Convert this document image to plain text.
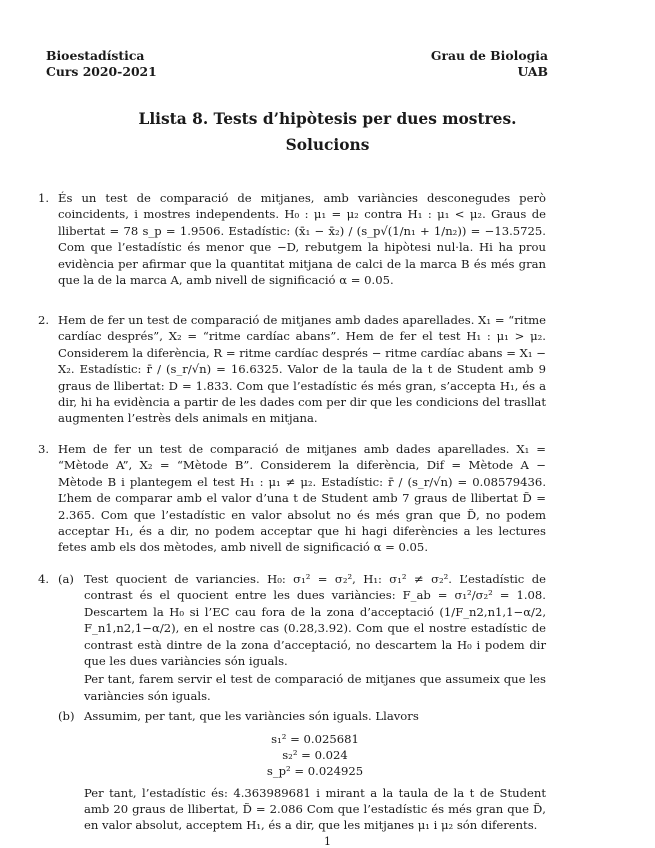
Bioestadística
Curs 2020-2021
Grau de Biologia
UAB
Llista 8. Tests d’hipòtesis per dues mostres.
Solucions
1. És un test de comparació de mitjanes, amb variàncies desconegudes però coincidents, i mostres independents. H₀ : μ₁ = μ₂ contra H₁ : μ₁ < μ₂. Graus de llibertat = 78 s_p = 1.9506. Estadístic: (x̄₁ − x̄₂) / (s_p√(1/n₁ + 1/n₂)) = −13.5725. Com que l’estadístic és menor que −D, rebutgem la hipòtesi nul·la. Hi ha prou evidència per afirmar que la quantitat mitjana de calci de la marca B és més gran que la de la marca A, amb nivell de significació α = 0.05.

2. Hem de fer un test de comparació de mitjanes amb dades aparellades. X₁ = “ritme cardíac després”, X₂ = “ritme cardíac abans”. Hem de fer el test H₁ : μ₁ > μ₂. Considerem la diferència, R = ritme cardíac després − ritme cardíac abans = X₁ − X₂. Estadístic: r̄ / (s_r/√n) = 16.6325. Valor de la taula de la t de Student amb 9 graus de llibertat: D = 1.833. Com que l’estadístic és més gran, s’accepta H₁, és a dir, hi ha evidència a partir de les dades com per dir que les condicions del trasllat augmenten l’estrès dels animals en mitjana.

3. Hem de fer un test de comparació de mitjanes amb dades aparellades. X₁ = “Mètode A”, X₂ = “Mètode B”. Considerem la diferència, Dif = Mètode A − Mètode B i plantegem el test H₁ : μ₁ ≠ μ₂. Estadístic: r̄ / (s_r/√n) = 0.08579436. L’hem de comparar amb el valor d’una t de Student amb 7 graus de llibertat D̃ = 2.365. Com que l’estadístic en valor absolut no és més gran que D̃, no podem acceptar H₁, és a dir, no podem acceptar que hi hagi diferències a les lectures fetes amb els dos mètodes, amb nivell de significació α = 0.05.

4. (a) Test quocient de variancies. H₀: σ₁² = σ₂², H₁: σ₁² ≠ σ₂². L’estadístic de contrast és el quocient entre les dues variàncies: F_ab = σ₁²/σ₂² = 1.08. Descartem la H₀ si l’EC cau fora de la zona d’acceptació (1/F_n2,n1,1−α/2, F_n1,n2,1−α/2), en el nostre cas (0.28,3.92). Com que el nostre estadístic de contrast està dintre de la zona d’acceptació, no descartem la H₀ i podem dir que les dues variàncies són iguals.

Per tant, farem servir el test de comparació de mitjanes que assumeix que les variàncies són iguals.

(b) Assumim, per tant, que les variàncies són iguals. Llavors

s₁² = 0.025681
s₂² = 0.024
s_p² = 0.024925

Per tant, l’estadístic és: 4.363989681 i mirant a la taula de la t de Student amb 20 graus de llibertat, D̃ = 2.086 Com que l’estadístic és més gran que D̃, en valor absolut, acceptem H₁, és a dir, que les mitjanes μ₁ i μ₂ són diferents.

1
